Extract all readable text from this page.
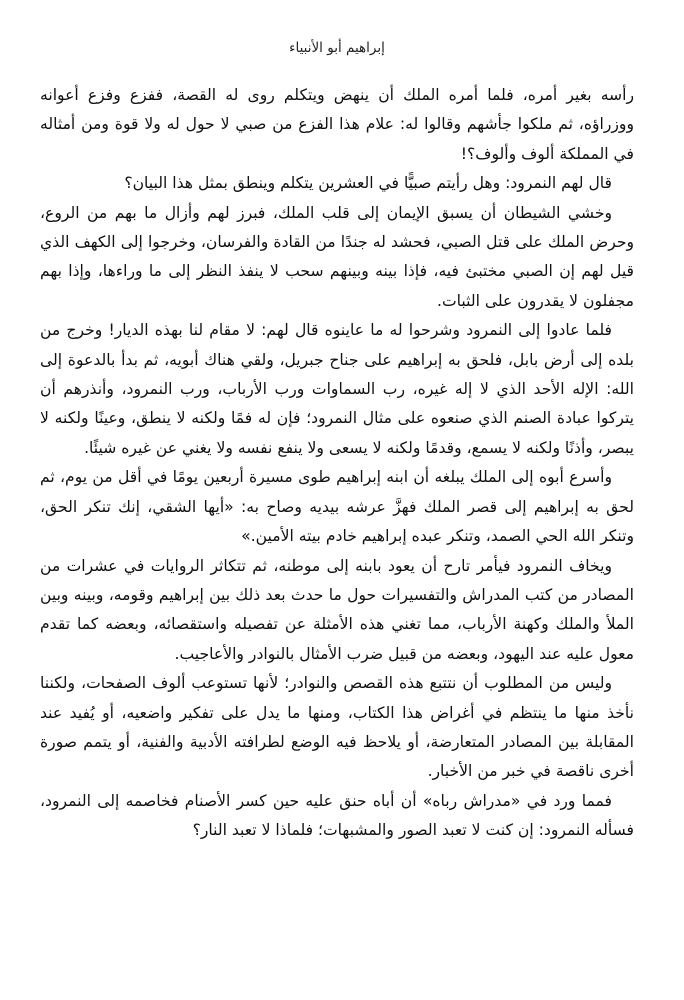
إبراهيم أبو الأنبياء

رأسه بغير أمره، فلما أمره الملك أن ينهض ويتكلم روى له القصة، ففزع وفزع أعوانه ووزراؤه، ثم ملكوا جأشهم وقالوا له: علام هذا الفزع من صبي لا حول له ولا قوة ومن أمثاله في المملكة ألوف وألوف؟!

قال لهم النمرود: وهل رأيتم صبيًّا في العشرين يتكلم وينطق بمثل هذا البيان؟

وخشي الشيطان أن يسبق الإيمان إلى قلب الملك، فبرز لهم وأزال ما بهم من الروع، وحرض الملك على قتل الصبي، فحشد له جندًا من القادة والفرسان، وخرجوا إلى الكهف الذي قيل لهم إن الصبي مختبئ فيه، فإذا بينه وبينهم سحب لا ينفذ النظر إلى ما وراءها، وإذا بهم مجفلون لا يقدرون على الثبات.

فلما عادوا إلى النمرود وشرحوا له ما عاينوه قال لهم: لا مقام لنا بهذه الديار! وخرج من بلده إلى أرض بابل، فلحق به إبراهيم على جناح جبريل، ولقي هناك أبويه، ثم بدأ بالدعوة إلى الله: الإله الأحد الذي لا إله غيره، رب السماوات ورب الأرباب، ورب النمرود، وأنذرهم أن يتركوا عبادة الصنم الذي صنعوه على مثال النمرود؛ فإن له فمًا ولكنه لا ينطق، وعينًا ولكنه لا يبصر، وأذنًا ولكنه لا يسمع، وقدمًا ولكنه لا يسعى ولا ينفع نفسه ولا يغني عن غيره شيئًا.

وأسرع أبوه إلى الملك يبلغه أن ابنه إبراهيم طوى مسيرة أربعين يومًا في أقل من يوم، ثم لحق به إبراهيم إلى قصر الملك فهزَّ عرشه بيديه وصاح به: «أيها الشقي، إنك تنكر الحق، وتنكر الله الحي الصمد، وتنكر عبده إبراهيم خادم بيته الأمين.»

ويخاف النمرود فيأمر تارح أن يعود بابنه إلى موطنه، ثم تتكاثر الروايات في عشرات من المصادر من كتب المدراش والتفسيرات حول ما حدث بعد ذلك بين إبراهيم وقومه، وبينه وبين الملأ والملك وكهنة الأرباب، مما تغني هذه الأمثلة عن تفصيله واستقصائه، وبعضه كما تقدم معول عليه عند اليهود، وبعضه من قبيل ضرب الأمثال بالنوادر والأعاجيب.

وليس من المطلوب أن نتتبع هذه القصص والنوادر؛ لأنها تستوعب ألوف الصفحات، ولكننا نأخذ منها ما ينتظم في أغراض هذا الكتاب، ومنها ما يدل على تفكير واضعيه، أو يُفيد عند المقابلة بين المصادر المتعارضة، أو يلاحظ فيه الوضع لطرافته الأدبية والفنية، أو يتمم صورة أخرى ناقصة في خبر من الأخبار.

فمما ورد في «مدراش رباه» أن أباه حنق عليه حين كسر الأصنام فخاصمه إلى النمرود، فسأله النمرود: إن كنت لا تعبد الصور والمشبهات؛ فلماذا لا تعبد النار؟
